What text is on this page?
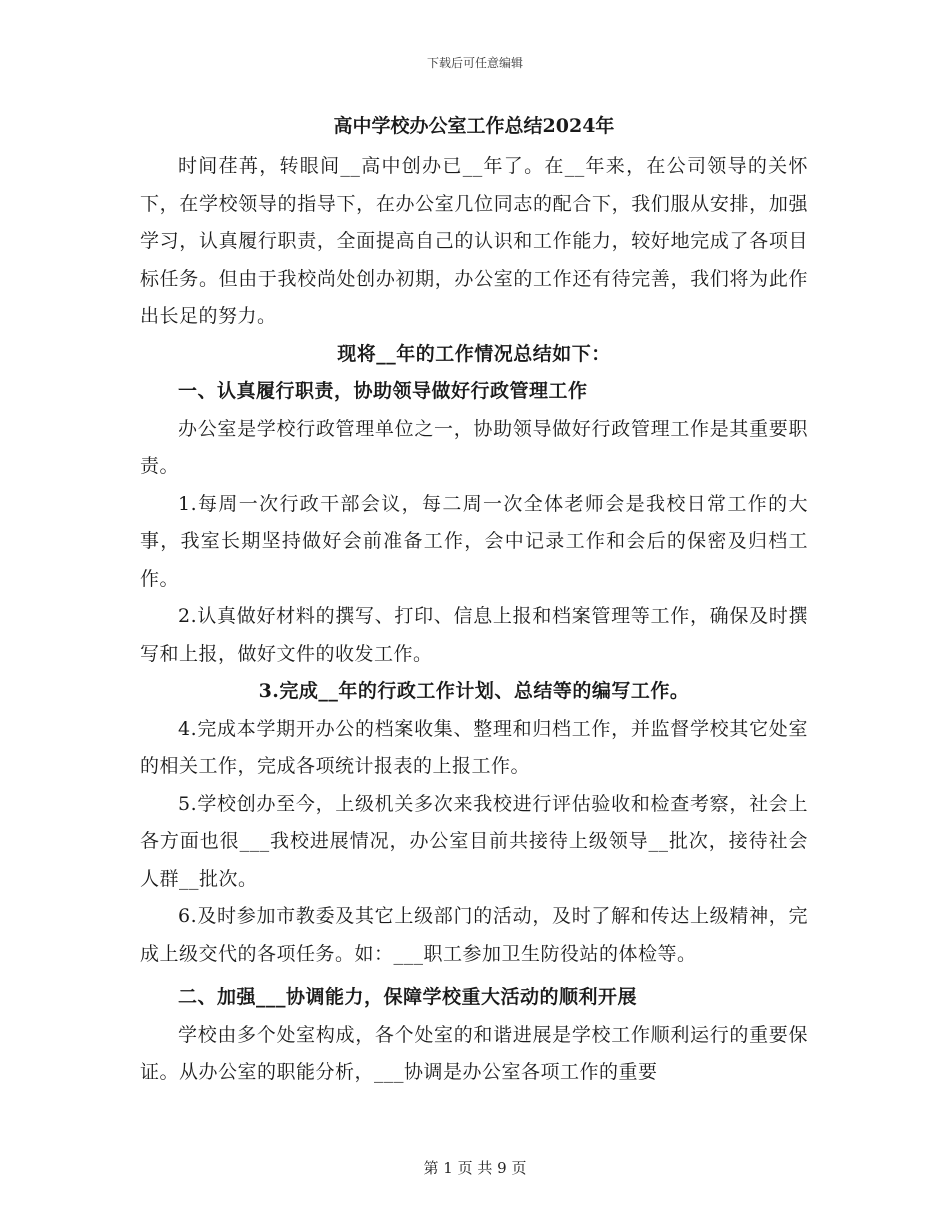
下载后可任意编辑
高中学校办公室工作总结2024年

时间荏苒，转眼间__高中创办已__年了。在__年来，在公司领导的关怀下，在学校领导的指导下，在办公室几位同志的配合下，我们服从安排，加强学习，认真履行职责，全面提高自己的认识和工作能力，较好地完成了各项目标任务。但由于我校尚处创办初期，办公室的工作还有待完善，我们将为此作出长足的努力。

现将__年的工作情况总结如下：

一、认真履行职责，协助领导做好行政管理工作

办公室是学校行政管理单位之一，协助领导做好行政管理工作是其重要职责。

1.每周一次行政干部会议，每二周一次全体老师会是我校日常工作的大事，我室长期坚持做好会前准备工作，会中记录工作和会后的保密及归档工作。

2.认真做好材料的撰写、打印、信息上报和档案管理等工作，确保及时撰写和上报，做好文件的收发工作。

3.完成__年的行政工作计划、总结等的编写工作。

4.完成本学期开办公的档案收集、整理和归档工作，并监督学校其它处室的相关工作，完成各项统计报表的上报工作。

5.学校创办至今，上级机关多次来我校进行评估验收和检查考察，社会上各方面也很___我校进展情况，办公室目前共接待上级领导__批次，接待社会人群__批次。

6.及时参加市教委及其它上级部门的活动，及时了解和传达上级精神，完成上级交代的各项任务。如：___职工参加卫生防役站的体检等。

二、加强___协调能力，保障学校重大活动的顺利开展

学校由多个处室构成，各个处室的和谐进展是学校工作顺利运行的重要保证。从办公室的职能分析，___协调是办公室各项工作的重要

第 1 页 共 9 页
